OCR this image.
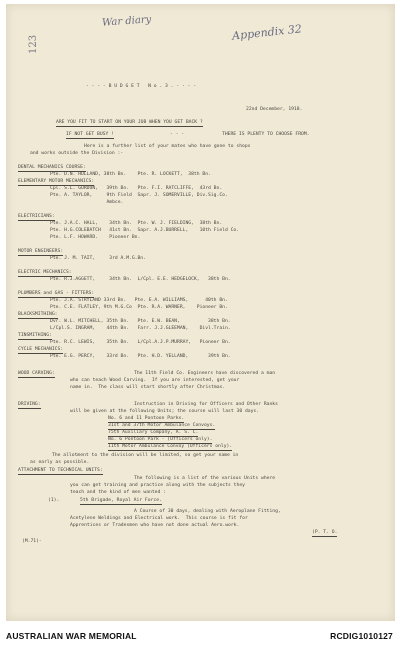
123
War diary
Appendix 32
- - - - B U D G E T   N o . 3 . - - - -
22nd December, 1918.
ARE YOU FIT TO START ON YOUR JOB WHEN YOU GET BACK ?
IF NOT GET BUSY !	- - -	THERE IS PLENTY TO CHOOSE FROM.
Here is a further list of your mates who have gone to shops
and works outside the Division :-
DENTAL MECHANICS COURSE:
Pte. D.N. HOLLAND, 38th Bn.    Pte. R. LOCKETT,  38th Bn.
ELEMENTARY MOTOR MECHANICS:
Cpl. S.L. GORDON,   39th Bn.   Pte. F.I. RATCLIFFE,  43rd Bn.
Pte. A. TAYLOR,     9th Field  Sapr. J. SOMERVILLE, Div.Sig.Co.
Ambce.
ELECTRICIANS:
Pte. J.A.C. HALL,    34th Bn.  Pte. W. J. FIELDING,  38th Bn.
Pte. H.G.COLEBATCH   41st Bn.  Sapr. A.J.BURRELL,    10th Field Co.
Pte. L.F. HOWARD.    Pioneer Bn.
MOTOR ENGINEERS:
Pte. J. M. TAIT,     3rd A.M.G.Bn.
ELECTRIC MECHANICS:
Pte. R.J.AGGETT,     34th Bn.  L/Cpl. E.E. HEDGELOCK,   38th Bn.
PLUMBERS and GAS - FITTERS:
Pte. J.A. STRYLAND 33rd Bn.   Pte. E.A. WILLIAMS,      40th Bn.
Pte. C.E. FLATLEY, 9th M.G.Co  Pte. R.A. WARNER,    Pioneer Bn.
BLACKSMITHING:
Dvr. W.L. MITCHELL, 35th Bn.   Pte. E.W. BEAN,          38th Bn.
L/Cpl.S. INGRAM,    44th Bn.   Farr. J.J.GLEEMAN,    Divl.Train.
TINSMITHING:
Pte. R.C. LEWIS,    35th Bn.   L/Cpl.A.J.P.MURRAY,   Pioneer Bn.
CYCLE MECHANICS:
Pte. E.G. PERCY,    33rd Bn.   Pte. H.D. YELLAND,       39th Bn.
WOOD CARVING:	The 11th Field Co. Engineers have discovered a man
who can teach Wood Carving.  If you are interested, get your
name in.  The class will start shortly after Christmas.
DRIVING:	Instruction in Driving for Officers and Other Ranks
will be given at the following Units; the course will last 30 days.
No. 6 and 11 Pontoon Parks.
31st and 37th Motor Ambulance Convoys.
75th Auxiliary Company, A. S. C.
No. 6 Pontoon Park - (Officers only).
11th Motor Ambulance Convoy (Officers only).
The allotment to the division will be limited, so get your name in
as early as possible.
ATTACHMENT TO TECHNICAL UNITS:
The following is a list of the various Units where
you can get training and practice along with the subjects they
teach and the kind of men wanted :
(1).	5th Brigade, Royal Air Force.
A Course of 30 days, dealing with Aeroplane Fitting,
Acetylene Weldings and Electrical work.  This course is fit for
Apprentices or Tradesmen who have not done actual Aero.work.
(P. T. O.
(M.71)-
AUSTRALIAN WAR MEMORIAL	RCDIG1010127
